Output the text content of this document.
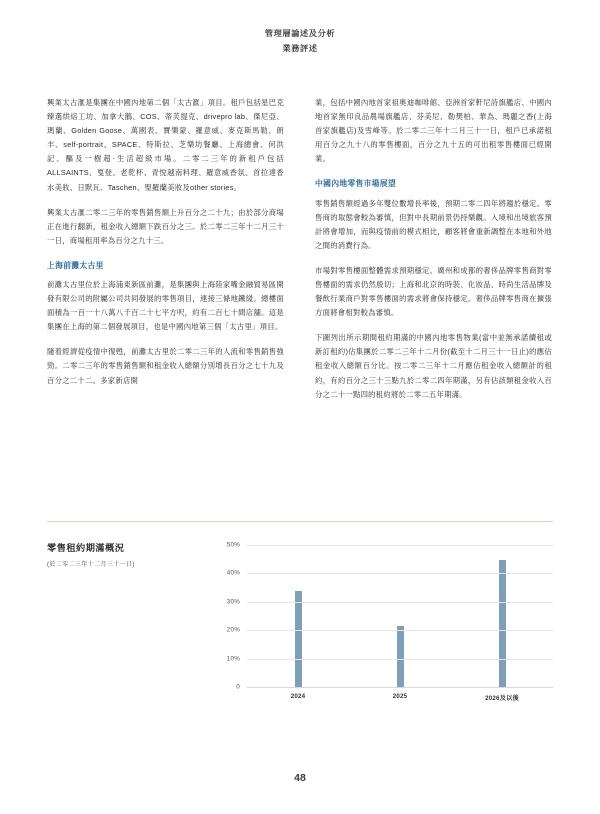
管理層論述及分析
業務評述

興業太古滙是集團在中國內地第二個「太古滙」項目。租戶包括星巴克臻選烘焙工坊、加拿大鵝、COS、蒂芙提克、drivepro lab、傑尼亞、瑪蘭、Golden Goose、萬國表、寶樂蒙、羅意威、麥克斯馬勒、朗丰、self-portrait、SPACE、特斯拉、芝樂坊餐廳、上海總會、何洪記、醧及一樹超‧生活超級市場。二零二三年的新租戶包括ALLSAINTS、戛登、老乾杯、青悅越南料理、羅意威香氛、首拉達香水美妝、日默瓦、Taschen、聖羅蘭美妝及other stories。

興業太古滙二零二三年的零售銷售額上升百分之二十九；由於部分商場正在進行翻新，租金收入總額下跌百分之三。於二零二三年十二月三十一日，商場租用率為百分之九十三。

上海前灘太古里

前灘太古里位於上海浦東新區前灘，是集團與上海陸家嘴金融貿易區開發有限公司的附屬公司共同發展的零售項目，連接三條地鐵綫。總樓面面積為一百一十八萬八千百二十七平方呎，約有二百七十間店舖。這是集團在上海的第二個發展項目，也是中國內地第三個「太古里」項目。

隨着經濟從疫情中復甦，前灘太古里於二零二三年的人流和零售銷售強勁。二零二三年的零售銷售額和租金收入總額分別增長百分之七十九及百分之二十二。多家新店開

業，包括中國內地首家祖奧迪咖啡館、亞洲首家軒尼詩旗艦店、中國內地首家無印良品農場旗艦店、芬美尼、勒樊柏、華為、瑪麗之香(上海首家旗艦店)及雪峰等。於二零二三年十二月三十一日，租戶已承諾租用百分之九十八的零售樓面，百分之九十五的可出租零售樓面已經開業。

中國內地零售市場展望

零售銷售額經過多年雙位數增長率後，預期二零二四年將趨於穩定。零售商的取態會較為審慎，但對中長期前景仍持樂觀。入境和出境旅客預計將會增加，而與疫情前的模式相比，顧客將會重新調整在本地和外地之間的消費行為。

市場對零售樓面整體需求預期穩定。廣州和成都的奢侈品牌零售商對零售樓面的需求仍然殷切；上海和北京的時裝、化妝品、時尚生活品牌及餐飲行業商戶對零售樓面的需求將會保持穩定。奢侈品牌零售商在擴張方面將會相對較為審慎。

下圖列出所示期間租約期滿的中國內地零售物業(當中並無承諾續租或新訂租約)佔集團於二零二三年十二月份(截至十二月三十一日止)的應佔租金收入總額百分比。按二零二三年十二月應佔租金收入總額計的租約，有約百分之三十三點九於二零二四年期滿，另有佔該類租金收入百分之二十一點四的租約將於二零二五年期滿。

零售租約期滿概況
(於二零二三年十二月三十一日)
0
10%
20%
30%
40%
50%
2024	2025	2026及以後
48
